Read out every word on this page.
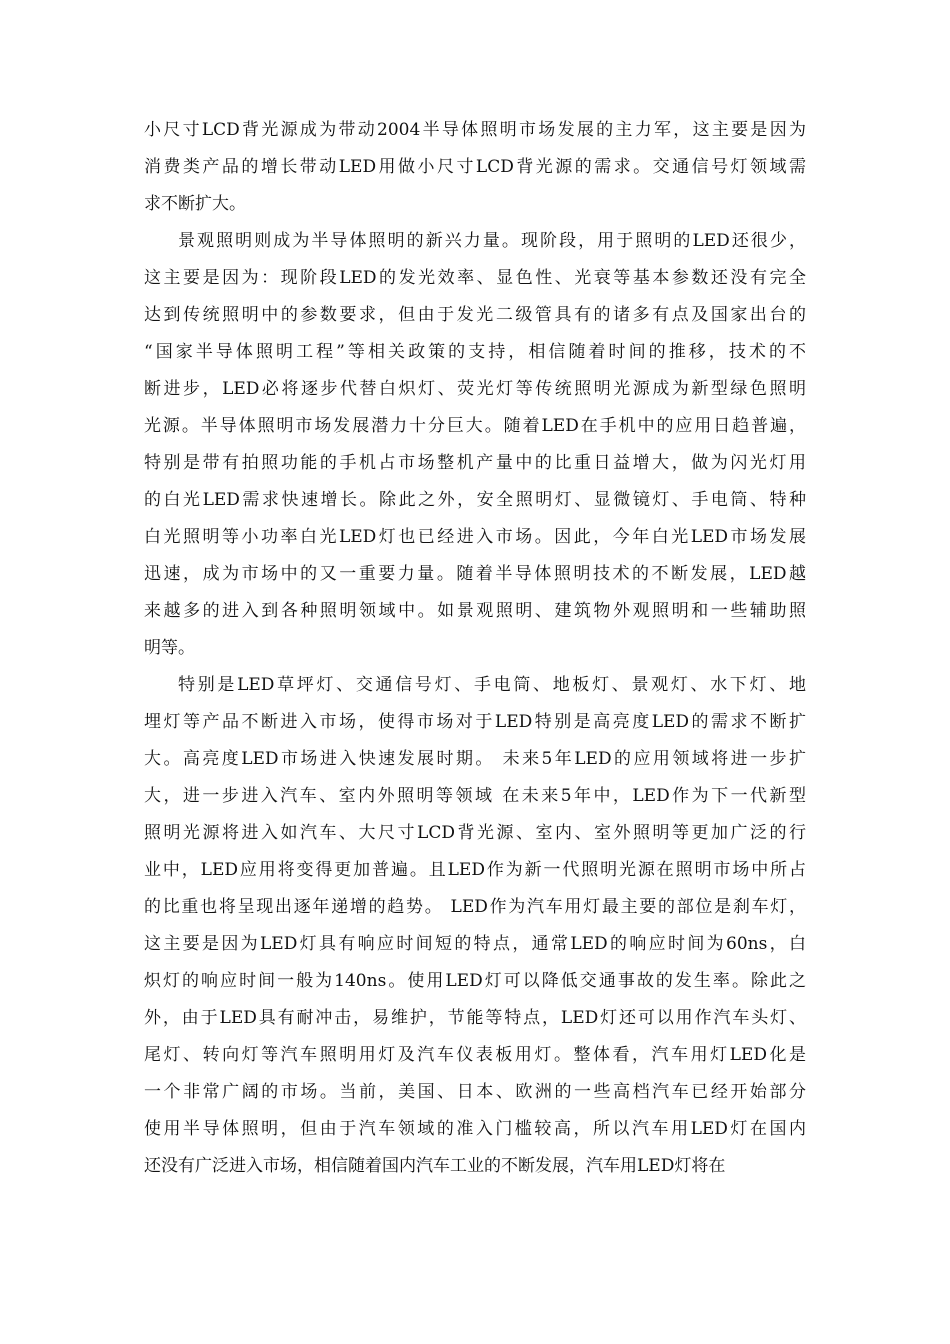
小尺寸LCD背光源成为带动2004半导体照明市场发展的主力军，这主要是因为
消费类产品的增长带动LED用做小尺寸LCD背光源的需求。交通信号灯领域需
求不断扩大。
景观照明则成为半导体照明的新兴力量。现阶段，用于照明的LED还很少，
这主要是因为：现阶段LED的发光效率、显色性、光衰等基本参数还没有完全
达到传统照明中的参数要求，但由于发光二级管具有的诸多有点及国家出台的
“国家半导体照明工程”等相关政策的支持，相信随着时间的推移，技术的不
断进步，LED必将逐步代替白炽灯、荧光灯等传统照明光源成为新型绿色照明
光源。半导体照明市场发展潜力十分巨大。随着LED在手机中的应用日趋普遍，
特别是带有拍照功能的手机占市场整机产量中的比重日益增大，做为闪光灯用
的白光LED需求快速增长。除此之外，安全照明灯、显微镜灯、手电筒、特种
白光照明等小功率白光LED灯也已经进入市场。因此，今年白光LED市场发展
迅速，成为市场中的又一重要力量。随着半导体照明技术的不断发展，LED越
来越多的进入到各种照明领域中。如景观照明、建筑物外观照明和一些辅助照
明等。
特别是LED草坪灯、交通信号灯、手电筒、地板灯、景观灯、水下灯、地
埋灯等产品不断进入市场，使得市场对于LED特别是高亮度LED的需求不断扩
大。高亮度LED市场进入快速发展时期。 未来5年LED的应用领域将进一步扩
大，进一步进入汽车、室内外照明等领域 在未来5年中，LED作为下一代新型
照明光源将进入如汽车、大尺寸LCD背光源、室内、室外照明等更加广泛的行
业中，LED应用将变得更加普遍。且LED作为新一代照明光源在照明市场中所占
的比重也将呈现出逐年递增的趋势。 LED作为汽车用灯最主要的部位是刹车灯，
这主要是因为LED灯具有响应时间短的特点，通常LED的响应时间为60ns，白
炽灯的响应时间一般为140ns。使用LED灯可以降低交通事故的发生率。除此之
外，由于LED具有耐冲击，易维护，节能等特点，LED灯还可以用作汽车头灯、
尾灯、转向灯等汽车照明用灯及汽车仪表板用灯。整体看，汽车用灯LED化是
一个非常广阔的市场。当前，美国、日本、欧洲的一些高档汽车已经开始部分
使用半导体照明，但由于汽车领域的准入门槛较高，所以汽车用LED灯在国内
还没有广泛进入市场，相信随着国内汽车工业的不断发展，汽车用LED灯将在
